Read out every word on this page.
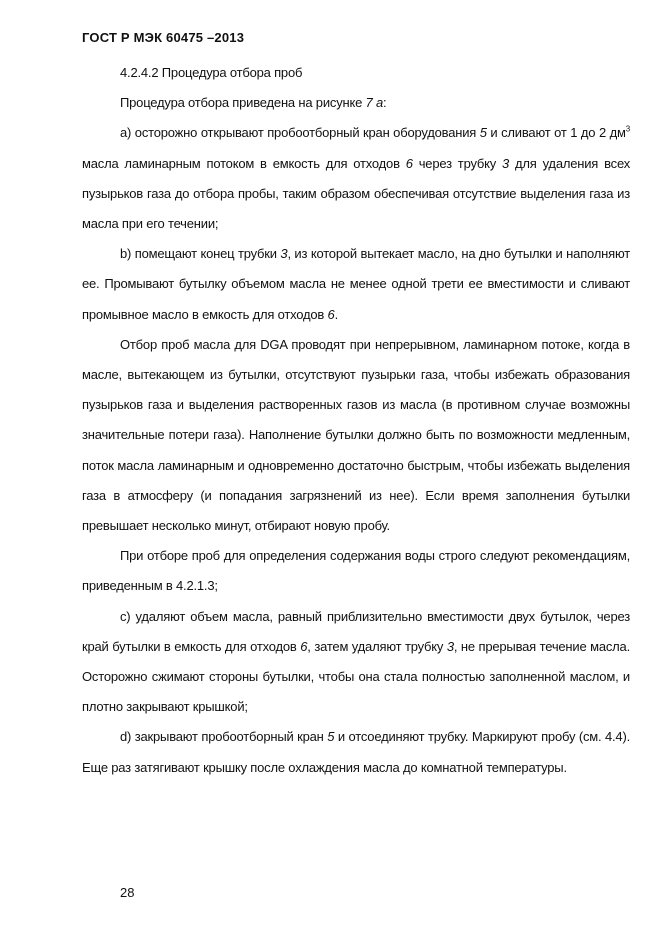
ГОСТ Р МЭК 60475 –2013

4.2.4.2 Процедура отбора проб

Процедура отбора приведена на рисунке 7 а:

а) осторожно открывают пробоотборный кран оборудования 5 и сливают от 1 до 2 $дм^3$ масла ламинарным потоком в емкость для отходов 6 через трубку 3 для удаления всех пузырьков газа до отбора пробы, таким образом обеспечивая отсутствие выделения газа из масла при его течении;

b) помещают конец трубки 3, из которой вытекает масло, на дно бутылки и наполняют ее. Промывают бутылку объемом масла не менее одной трети ее вместимости и сливают промывное масло в емкость для отходов 6.

Отбор проб масла для DGA проводят при непрерывном, ламинарном потоке, когда в масле, вытекающем из бутылки, отсутствуют пузырьки газа, чтобы избежать образования пузырьков газа и выделения растворенных газов из масла (в противном случае возможны значительные потери газа). Наполнение бутылки должно быть по возможности медленным, поток масла ламинарным и одновременно достаточно быстрым, чтобы избежать выделения газа в атмосферу (и попадания загрязнений из нее). Если время заполнения бутылки превышает несколько минут, отбирают новую пробу.

При отборе проб для определения содержания воды строго следуют рекомендациям, приведенным в 4.2.1.3;

с) удаляют объем масла, равный приблизительно вместимости двух бутылок, через край бутылки в емкость для отходов 6, затем удаляют трубку 3, не прерывая течение масла. Осторожно сжимают стороны бутылки, чтобы она стала полностью заполненной маслом, и плотно закрывают крышкой;

d) закрывают пробоотборный кран 5 и отсоединяют трубку. Маркируют пробу (см. 4.4). Еще раз затягивают крышку после охлаждения масла до комнатной температуры.

28
